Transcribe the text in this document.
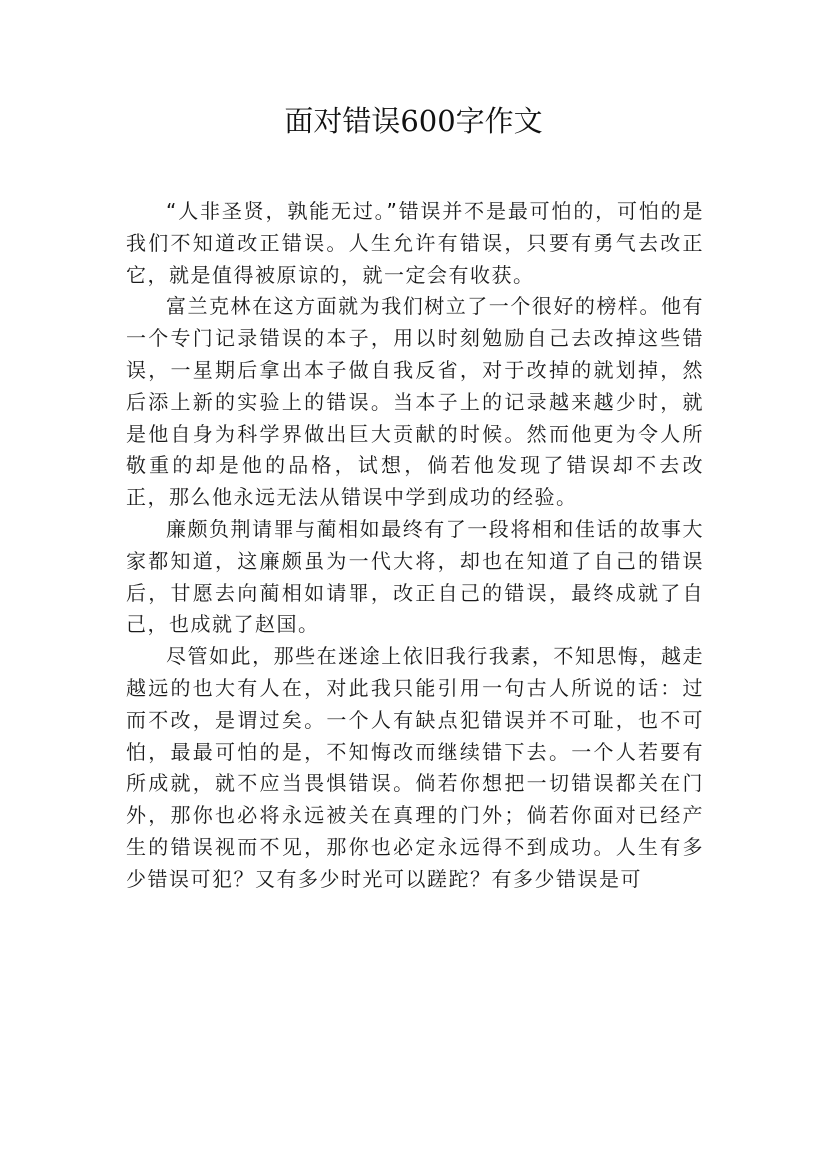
面对错误600字作文

“人非圣贤，孰能无过。”错误并不是最可怕的，可怕的是我们不知道改正错误。人生允许有错误，只要有勇气去改正它，就是值得被原谅的，就一定会有收获。

富兰克林在这方面就为我们树立了一个很好的榜样。他有一个专门记录错误的本子，用以时刻勉励自己去改掉这些错误，一星期后拿出本子做自我反省，对于改掉的就划掉，然后添上新的实验上的错误。当本子上的记录越来越少时，就是他自身为科学界做出巨大贡献的时候。然而他更为令人所敬重的却是他的品格，试想，倘若他发现了错误却不去改正，那么他永远无法从错误中学到成功的经验。

廉颇负荆请罪与蔺相如最终有了一段将相和佳话的故事大家都知道，这廉颇虽为一代大将，却也在知道了自己的错误后，甘愿去向蔺相如请罪，改正自己的错误，最终成就了自己，也成就了赵国。

尽管如此，那些在迷途上依旧我行我素，不知思悔，越走越远的也大有人在，对此我只能引用一句古人所说的话：过而不改，是谓过矣。一个人有缺点犯错误并不可耻，也不可怕，最最可怕的是，不知悔改而继续错下去。一个人若要有所成就，就不应当畏惧错误。倘若你想把一切错误都关在门外，那你也必将永远被关在真理的门外；倘若你面对已经产生的错误视而不见，那你也必定永远得不到成功。人生有多少错误可犯？又有多少时光可以蹉跎？有多少错误是可
